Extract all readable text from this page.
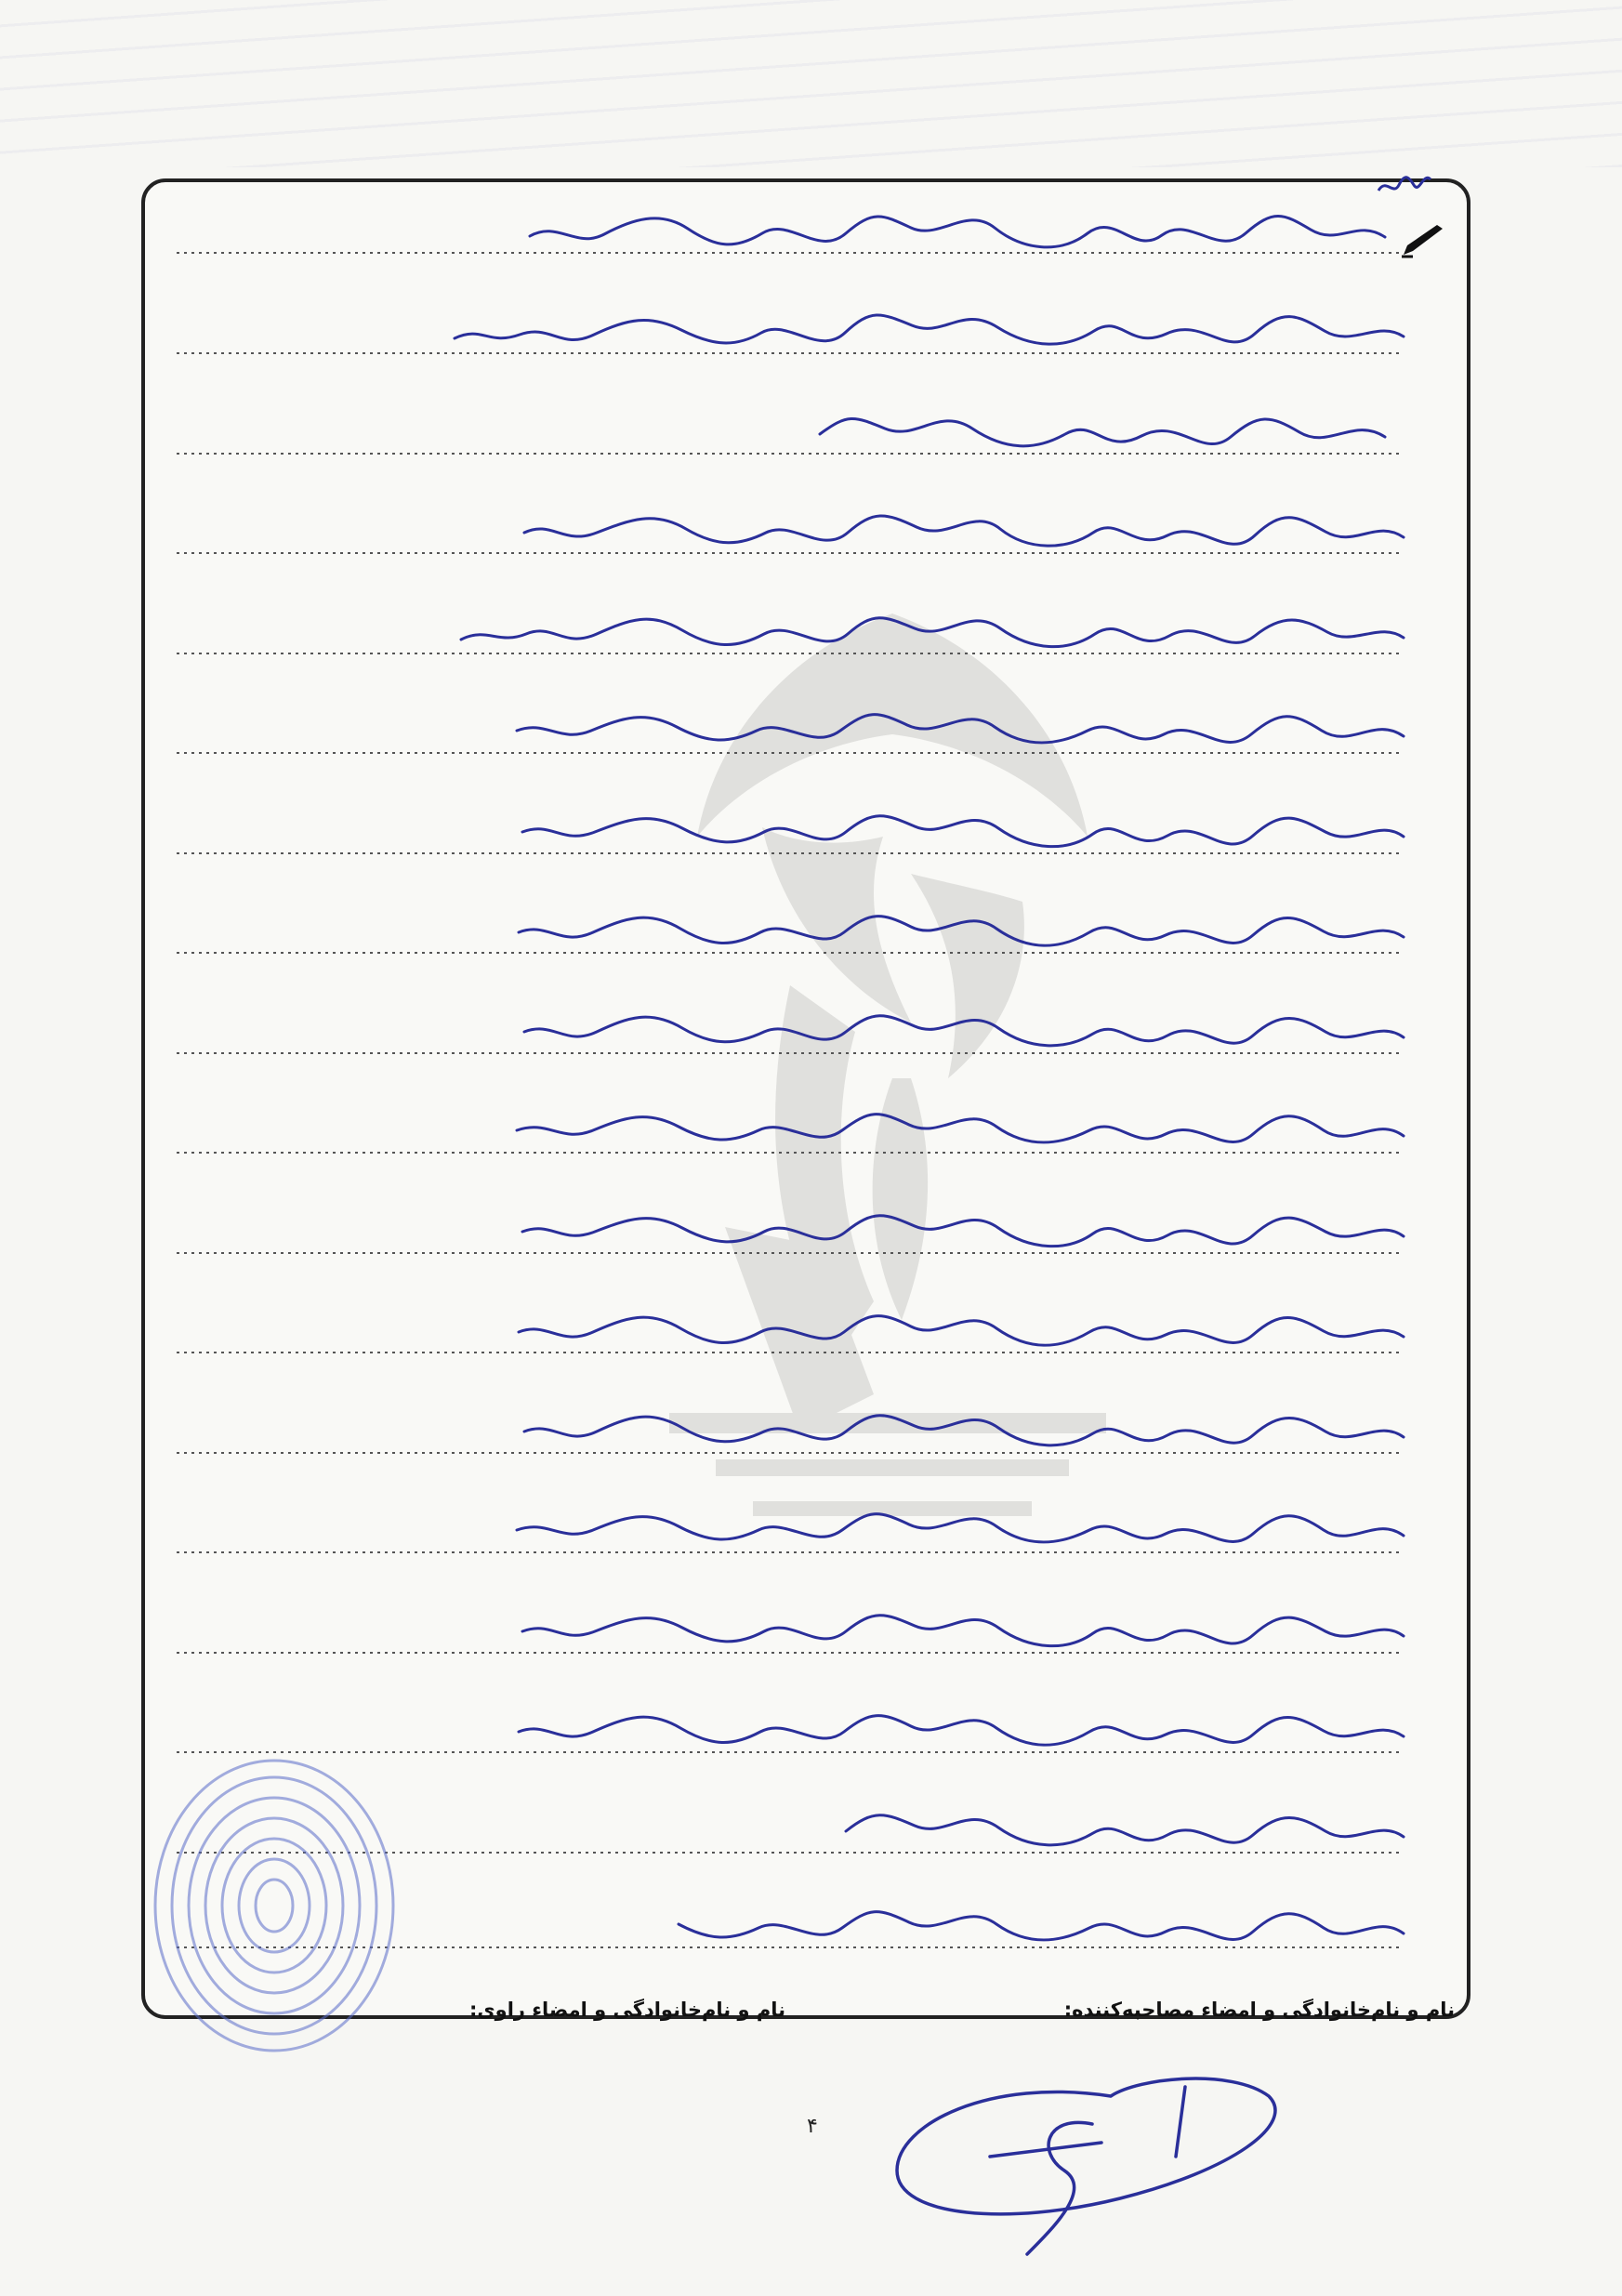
نام و نام‌خانوادگی و امضاء مصاحبه‌کننده:
نام و نام‌خانوادگی و امضاء راوی:
۴
